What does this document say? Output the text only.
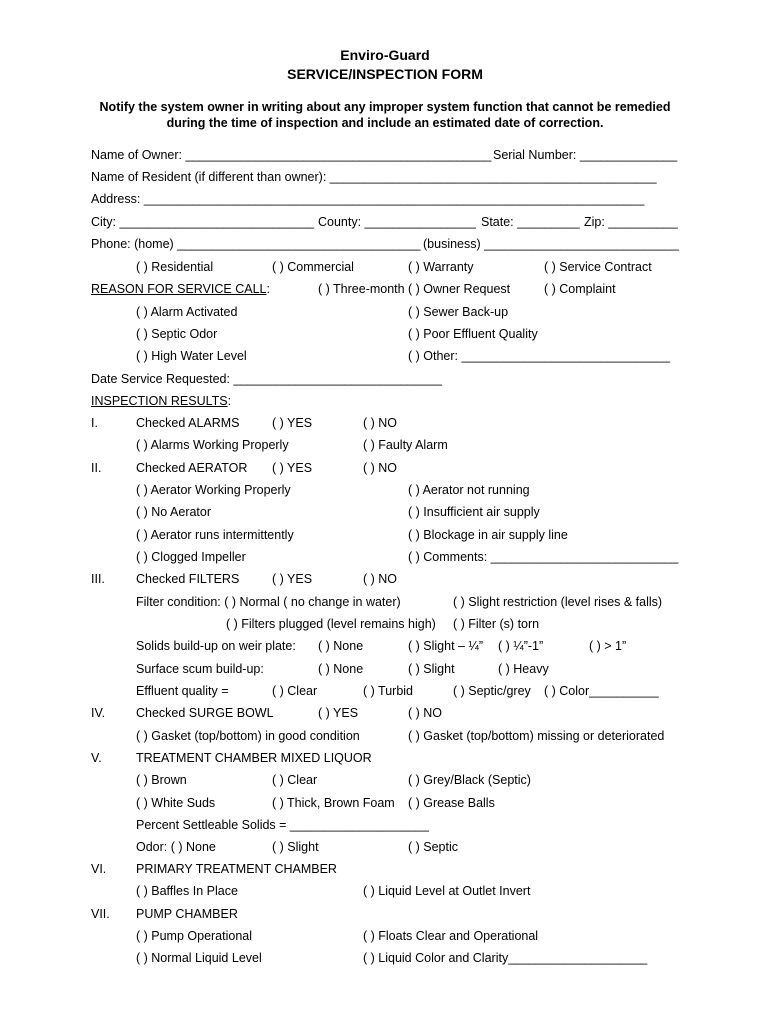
Enviro-Guard
SERVICE/INSPECTION FORM
Notify the system owner in writing about any improper system function that cannot be remedied
during the time of inspection and include an estimated date of correction.
Name of Owner: ____________________________________________ Serial Number: ______________
Name of Resident (if different than owner): _______________________________________________
Address: ________________________________________________________________________
City: ____________________________ County: ________________ State: _________ Zip: __________
Phone: (home) ___________________________________ (business) ____________________________
( ) Residential	( ) Commercial	( ) Warranty	( ) Service Contract
REASON FOR SERVICE CALL:	( ) Three-month ( ) Owner Request	( ) Complaint
( ) Alarm Activated	( ) Sewer Back-up
( ) Septic Odor	( ) Poor Effluent Quality
( ) High Water Level	( ) Other: ______________________________
Date Service Requested: ______________________________
INSPECTION RESULTS:
I.	Checked ALARMS	( ) YES	( ) NO
( ) Alarms Working Properly	( ) Faulty Alarm
II.	Checked AERATOR ( ) YES	( ) NO
( ) Aerator Working Properly	( ) Aerator not running
( ) No Aerator	( ) Insufficient air supply
( ) Aerator runs intermittently	( ) Blockage in air supply line
( ) Clogged Impeller	( ) Comments: ___________________________
III. Checked FILTERS	( ) YES	( ) NO
Filter condition: ( ) Normal ( no change in water)	( ) Slight restriction (level rises & falls)
( ) Filters plugged (level remains high) ( ) Filter (s) torn
Solids build-up on weir plate: ( ) None	( ) Slight – ¼” ( ) ¼”-1”	( ) > 1”
Surface scum build-up:	( ) None	( ) Slight	( ) Heavy
Effluent quality =	( ) Clear	( ) Turbid	( ) Septic/grey ( ) Color__________
IV. Checked SURGE BOWL	( ) YES	( ) NO
( ) Gasket (top/bottom) in good condition	( ) Gasket (top/bottom) missing or deteriorated
V.	TREATMENT CHAMBER MIXED LIQUOR
( ) Brown	( ) Clear	( ) Grey/Black (Septic)
( ) White Suds	( ) Thick, Brown Foam ( ) Grease Balls
Percent Settleable Solids = ____________________
Odor: ( ) None	( ) Slight	( ) Septic
VI. PRIMARY TREATMENT CHAMBER
( ) Baffles In Place	( ) Liquid Level at Outlet Invert
VII. PUMP CHAMBER
( ) Pump Operational	( ) Floats Clear and Operational
( ) Normal Liquid Level	( ) Liquid Color and Clarity____________________
